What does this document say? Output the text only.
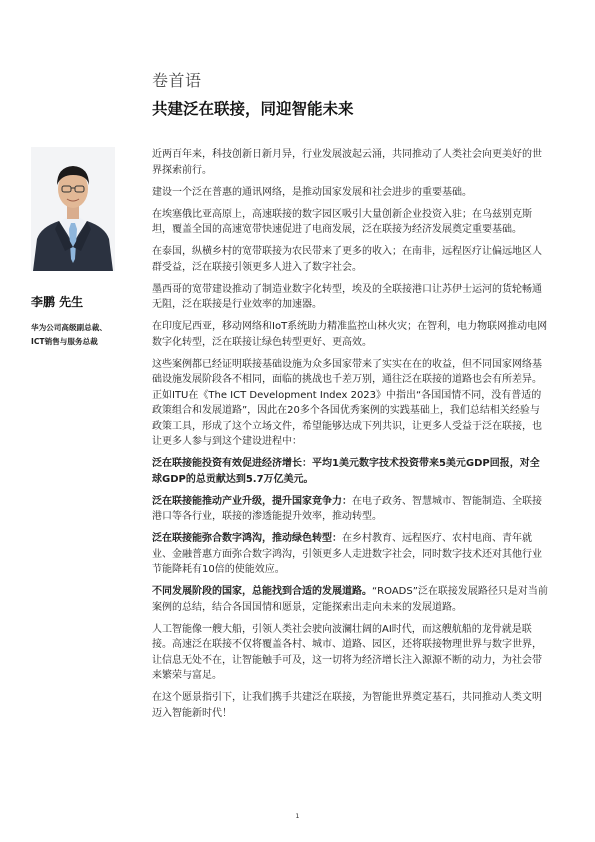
卷首语
共建泛在联接，同迎智能未来
李鹏 先生
华为公司高级副总裁、
ICT销售与服务总裁

近两百年来，科技创新日新月异，行业发展波起云涌，共同推动了人类社会向更美好的世界探索前行。

建设一个泛在普惠的通讯网络，是推动国家发展和社会进步的重要基础。

在埃塞俄比亚高原上，高速联接的数字园区吸引大量创新企业投资入驻；在乌兹别克斯坦，覆盖全国的高速宽带快速促进了电商发展，泛在联接为经济发展奠定重要基础。

在泰国，纵横乡村的宽带联接为农民带来了更多的收入；在南非，远程医疗让偏远地区人群受益，泛在联接引领更多人进入了数字社会。

墨西哥的宽带建设推动了制造业数字化转型，埃及的全联接港口让苏伊士运河的货轮畅通无阻，泛在联接是行业效率的加速器。

在印度尼西亚，移动网络和IoT系统助力精准监控山林火灾；在智利，电力物联网推动电网数字化转型，泛在联接让绿色转型更好、更高效。

这些案例都已经证明联接基础设施为众多国家带来了实实在在的收益，但不同国家网络基础设施发展阶段各不相同，面临的挑战也千差万别，通往泛在联接的道路也会有所差异。正如ITU在《The ICT Development Index 2023》中指出“各国国情不同，没有普适的政策组合和发展道路”，因此在20多个各国优秀案例的实践基础上，我们总结相关经验与政策工具，形成了这个立场文件，希望能够达成下列共识，让更多人受益于泛在联接，也让更多人参与到这个建设进程中：

泛在联接能投资有效促进经济增长：平均1美元数字技术投资带来5美元GDP回报，对全球GDP的总贡献达到5.7万亿美元。

泛在联接能推动产业升级，提升国家竞争力：在电子政务、智慧城市、智能制造、全联接港口等各行业，联接的渗透能提升效率，推动转型。

泛在联接能弥合数字鸿沟，推动绿色转型：在乡村教育、远程医疗、农村电商、青年就业、金融普惠方面弥合数字鸿沟，引领更多人走进数字社会，同时数字技术还对其他行业节能降耗有10倍的使能效应。

不同发展阶段的国家，总能找到合适的发展道路。“ROADS”泛在联接发展路径只是对当前案例的总结，结合各国国情和愿景，定能探索出走向未来的发展道路。

人工智能像一艘大船，引领人类社会驶向波澜壮阔的AI时代，而这艘航船的龙骨就是联接。高速泛在联接不仅将覆盖各村、城市、道路、园区，还将联接物理世界与数字世界，让信息无处不在，让智能触手可及，这一切将为经济增长注入源源不断的动力，为社会带来繁荣与富足。

在这个愿景指引下，让我们携手共建泛在联接，为智能世界奠定基石，共同推动人类文明迈入智能新时代！

1
